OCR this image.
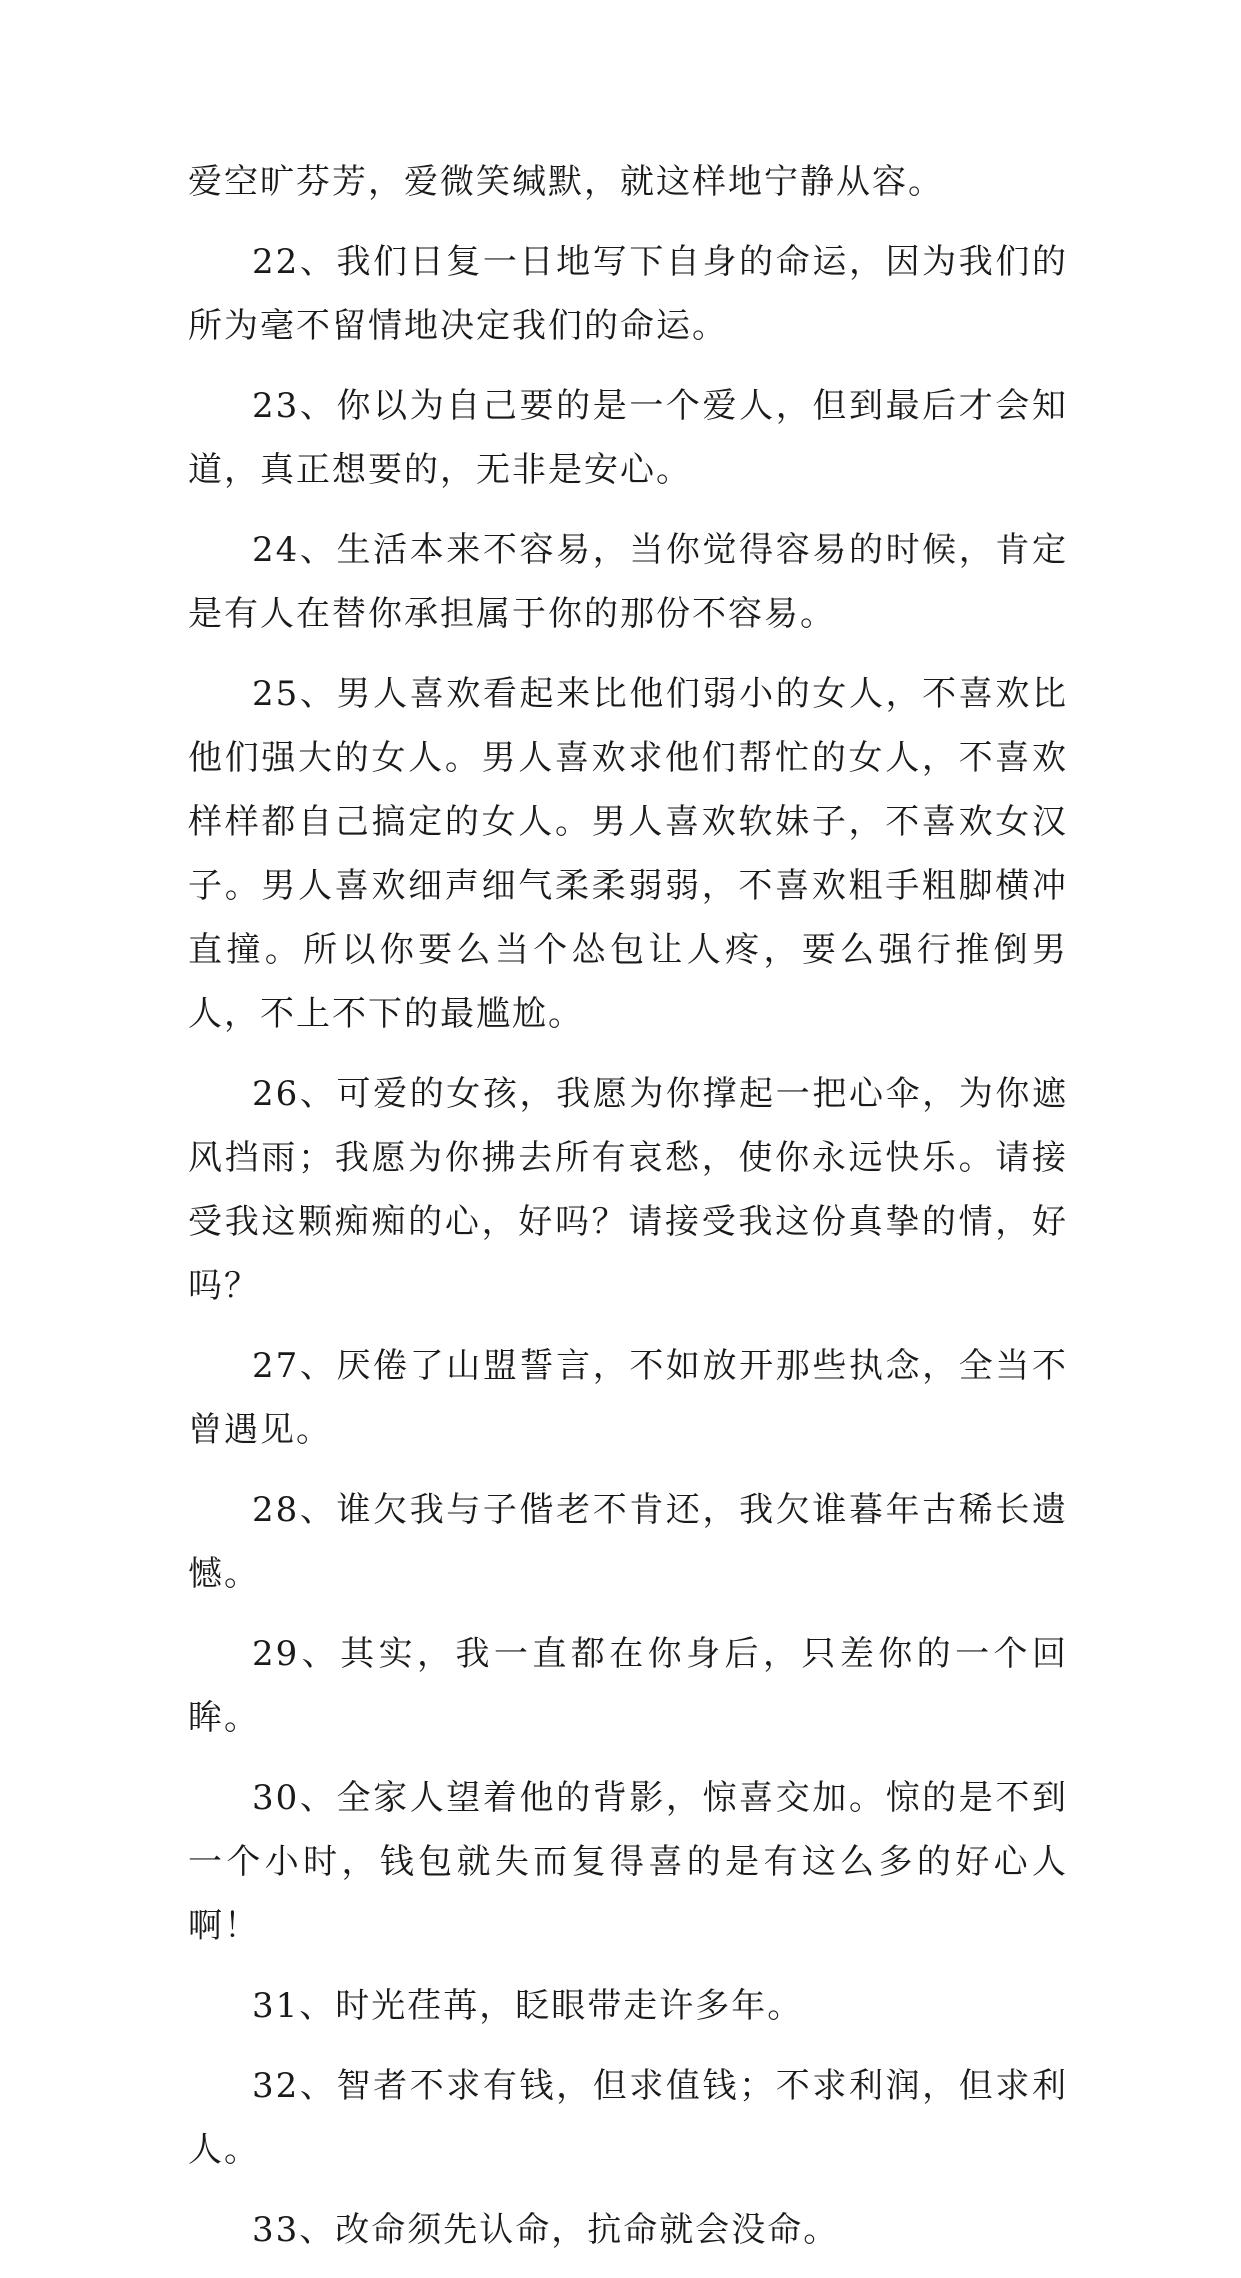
爱空旷芬芳，爱微笑缄默，就这样地宁静从容。

22、我们日复一日地写下自身的命运，因为我们的所为毫不留情地决定我们的命运。

23、你以为自己要的是一个爱人，但到最后才会知道，真正想要的，无非是安心。

24、生活本来不容易，当你觉得容易的时候，肯定是有人在替你承担属于你的那份不容易。

25、男人喜欢看起来比他们弱小的女人，不喜欢比他们强大的女人。男人喜欢求他们帮忙的女人，不喜欢样样都自己搞定的女人。男人喜欢软妹子，不喜欢女汉子。男人喜欢细声细气柔柔弱弱，不喜欢粗手粗脚横冲直撞。所以你要么当个怂包让人疼，要么强行推倒男人，不上不下的最尴尬。

26、可爱的女孩，我愿为你撑起一把心伞，为你遮风挡雨；我愿为你拂去所有哀愁，使你永远快乐。请接受我这颗痴痴的心，好吗？请接受我这份真挚的情，好吗？

27、厌倦了山盟誓言，不如放开那些执念，全当不曾遇见。

28、谁欠我与子偕老不肯还，我欠谁暮年古稀长遗憾。

29、其实，我一直都在你身后，只差你的一个回眸。

30、全家人望着他的背影，惊喜交加。惊的是不到一个小时，钱包就失而复得喜的是有这么多的好心人啊！

31、时光荏苒，眨眼带走许多年。

32、智者不求有钱，但求值钱；不求利润，但求利人。

33、改命须先认命，抗命就会没命。
